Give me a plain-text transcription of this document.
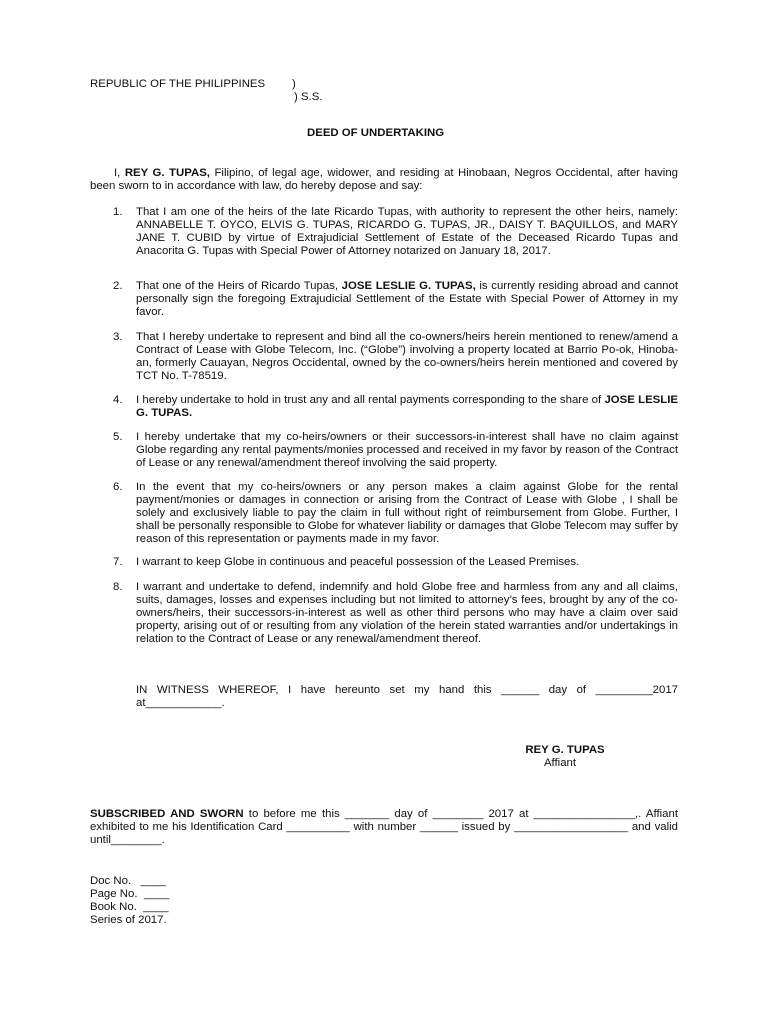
REPUBLIC OF THE PHILIPPINES )
) S.S.
DEED OF UNDERTAKING
I, REY G. TUPAS, Filipino, of legal age, widower, and residing at Hinobaan, Negros Occidental, after having been sworn to in accordance with law, do hereby depose and say:
1. That I am one of the heirs of the late Ricardo Tupas, with authority to represent the other heirs, namely: ANNABELLE T. OYCO, ELVIS G. TUPAS, RICARDO G. TUPAS, JR., DAISY T. BAQUILLOS, and MARY JANE T. CUBID by virtue of Extrajudicial Settlement of Estate of the Deceased Ricardo Tupas and Anacorita G. Tupas with Special Power of Attorney notarized on January 18, 2017.
2. That one of the Heirs of Ricardo Tupas, JOSE LESLIE G. TUPAS, is currently residing abroad and cannot personally sign the foregoing Extrajudicial Settlement of the Estate with Special Power of Attorney in my favor.
3. That I hereby undertake to represent and bind all the co-owners/heirs herein mentioned to renew/amend a Contract of Lease with Globe Telecom, Inc. (“Globe”) involving a property located at Barrio Po-ok, Hinoba-an, formerly Cauayan, Negros Occidental, owned by the co-owners/heirs herein mentioned and covered by TCT No. T-78519.
4. I hereby undertake to hold in trust any and all rental payments corresponding to the share of JOSE LESLIE G. TUPAS.
5. I hereby undertake that my co-heirs/owners or their successors-in-interest shall have no claim against Globe regarding any rental payments/monies processed and received in my favor by reason of the Contract of Lease or any renewal/amendment thereof involving the said property.
6. In the event that my co-heirs/owners or any person makes a claim against Globe for the rental payment/monies or damages in connection or arising from the Contract of Lease with Globe , I shall be solely and exclusively liable to pay the claim in full without right of reimbursement from Globe. Further, I shall be personally responsible to Globe for whatever liability or damages that Globe Telecom may suffer by reason of this representation or payments made in my favor.
7. I warrant to keep Globe in continuous and peaceful possession of the Leased Premises.
8. I warrant and undertake to defend, indemnify and hold Globe free and harmless from any and all claims, suits, damages, losses and expenses including but not limited to attorney’s fees, brought by any of the co-owners/heirs, their successors-in-interest as well as other third persons who may have a claim over said property, arising out of or resulting from any violation of the herein stated warranties and/or undertakings in relation to the Contract of Lease or any renewal/amendment thereof.
IN WITNESS WHEREOF, I have hereunto set my hand this ______ day of _________2017 at____________.
REY G. TUPAS
Affiant
SUBSCRIBED AND SWORN to before me this _______ day of ________ 2017 at ________________,. Affiant exhibited to me his Identification Card __________ with number ______ issued by __________________ and valid until________.
Doc No.   ____
Page No.  ____
Book No.  ____
Series of 2017.
